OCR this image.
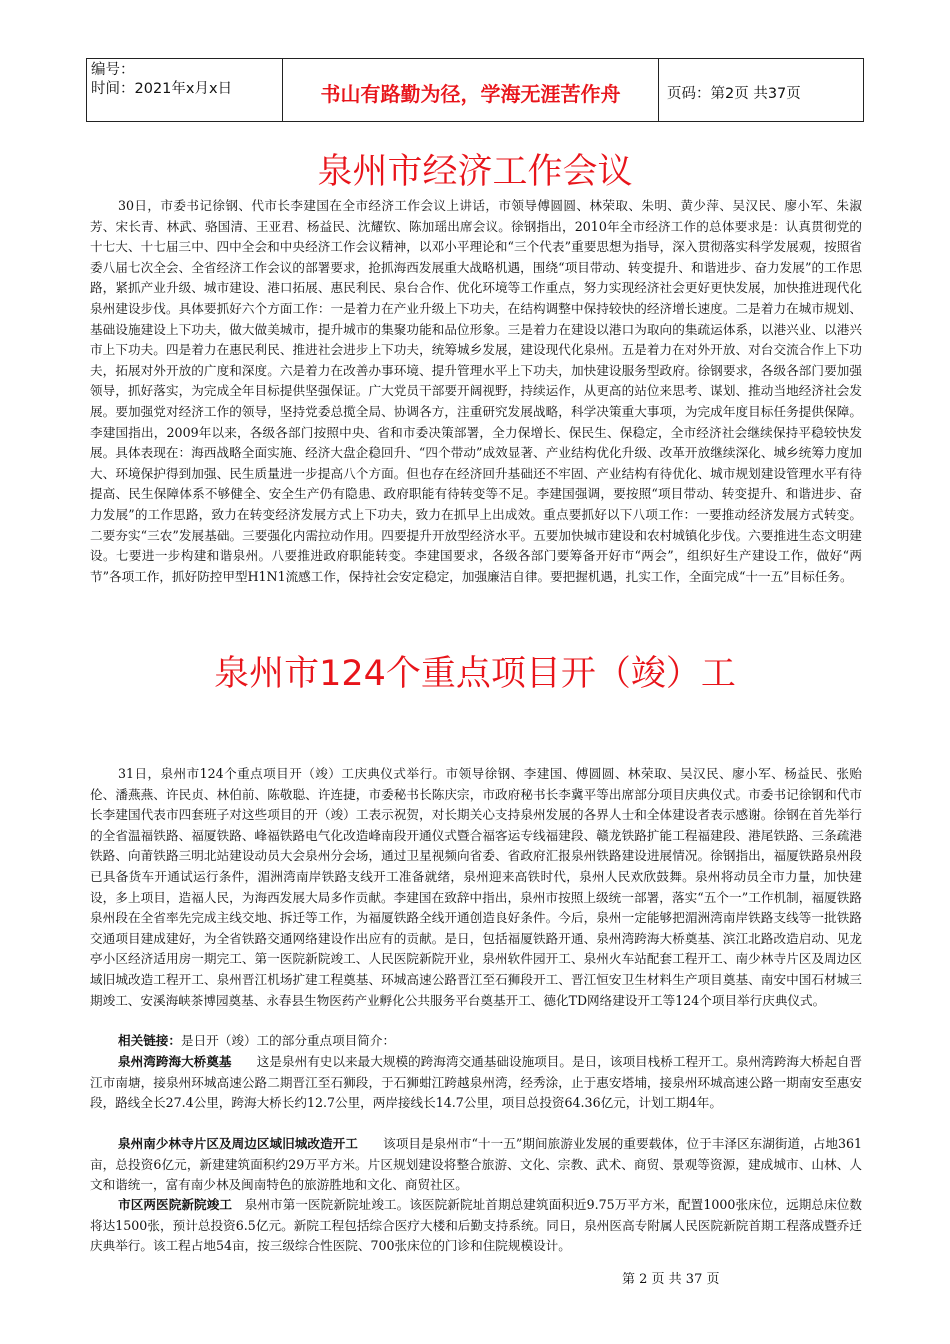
编号：
时间：2021年x月x日	书山有路勤为径，学海无涯苦作舟	页码：第2页 共37页
泉州市经济工作会议

30日，市委书记徐钢、代市长李建国在全市经济工作会议上讲话，市领导傅圆圆、林荣取、朱明、黄少萍、吴汉民、廖小军、朱淑芳、宋长青、林武、骆国清、王亚君、杨益民、沈耀钦、陈加瑶出席会议。徐钢指出，2010年全市经济工作的总体要求是：认真贯彻党的十七大、十七届三中、四中全会和中央经济工作会议精神，以邓小平理论和“三个代表”重要思想为指导，深入贯彻落实科学发展观，按照省委八届七次全会、全省经济工作会议的部署要求，抢抓海西发展重大战略机遇，围绕“项目带动、转变提升、和谐进步、奋力发展”的工作思路，紧抓产业升级、城市建设、港口拓展、惠民利民、泉台合作、优化环境等工作重点，努力实现经济社会更好更快发展，加快推进现代化泉州建设步伐。具体要抓好六个方面工作：一是着力在产业升级上下功夫，在结构调整中保持较快的经济增长速度。二是着力在城市规划、基础设施建设上下功夫，做大做美城市，提升城市的集聚功能和品位形象。三是着力在建设以港口为取向的集疏运体系，以港兴业、以港兴市上下功夫。四是着力在惠民利民、推进社会进步上下功夫，统筹城乡发展，建设现代化泉州。五是着力在对外开放、对台交流合作上下功夫，拓展对外开放的广度和深度。六是着力在改善办事环境、提升管理水平上下功夫，加快建设服务型政府。徐钢要求，各级各部门要加强领导，抓好落实，为完成全年目标提供坚强保证。广大党员干部要开阔视野，持续运作，从更高的站位来思考、谋划、推动当地经济社会发展。要加强党对经济工作的领导，坚持党委总揽全局、协调各方，注重研究发展战略，科学决策重大事项，为完成年度目标任务提供保障。李建国指出，2009年以来，各级各部门按照中央、省和市委决策部署，全力保增长、保民生、保稳定，全市经济社会继续保持平稳较快发展。具体表现在：海西战略全面实施、经济大盘企稳回升、“四个带动”成效显著、产业结构优化升级、改革开放继续深化、城乡统筹力度加大、环境保护得到加强、民生质量进一步提高八个方面。但也存在经济回升基础还不牢固、产业结构有待优化、城市规划建设管理水平有待提高、民生保障体系不够健全、安全生产仍有隐患、政府职能有待转变等不足。李建国强调，要按照“项目带动、转变提升、和谐进步、奋力发展”的工作思路，致力在转变经济发展方式上下功夫，致力在抓早上出成效。重点要抓好以下八项工作：一要推动经济发展方式转变。二要夯实“三农”发展基础。三要强化内需拉动作用。四要提升开放型经济水平。五要加快城市建设和农村城镇化步伐。六要推进生态文明建设。七要进一步构建和谐泉州。八要推进政府职能转变。李建国要求，各级各部门要筹备开好市“两会”，组织好生产建设工作，做好“两节”各项工作，抓好防控甲型H1N1流感工作，保持社会安定稳定，加强廉洁自律。要把握机遇，扎实工作，全面完成“十一五”目标任务。

泉州市124个重点项目开（竣）工

31日，泉州市124个重点项目开（竣）工庆典仪式举行。市领导徐钢、李建国、傅圆圆、林荣取、吴汉民、廖小军、杨益民、张贻伦、潘燕燕、许民贞、林伯前、陈敬聪、许连捷，市委秘书长陈庆宗，市政府秘书长李冀平等出席部分项目庆典仪式。市委书记徐钢和代市长李建国代表市四套班子对这些项目的开（竣）工表示祝贺，对长期关心支持泉州发展的各界人士和全体建设者表示感谢。徐钢在首先举行的全省温福铁路、福厦铁路、峰福铁路电气化改造峰南段开通仪式暨合福客运专线福建段、赣龙铁路扩能工程福建段、港尾铁路、三条疏港铁路、向莆铁路三明北站建设动员大会泉州分会场，通过卫星视频向省委、省政府汇报泉州铁路建设进展情况。徐钢指出，福厦铁路泉州段已具备货车开通试运行条件，湄洲湾南岸铁路支线开工准备就绪，泉州迎来高铁时代，泉州人民欢欣鼓舞。泉州将动员全市力量，加快建设，多上项目，造福人民，为海西发展大局多作贡献。李建国在致辞中指出，泉州市按照上级统一部署，落实“五个一”工作机制，福厦铁路泉州段在全省率先完成主线交地、拆迁等工作，为福厦铁路全线开通创造良好条件。今后，泉州一定能够把湄洲湾南岸铁路支线等一批铁路交通项目建成建好，为全省铁路交通网络建设作出应有的贡献。是日，包括福厦铁路开通、泉州湾跨海大桥奠基、滨江北路改造启动、见龙亭小区经济适用房一期完工、第一医院新院竣工、人民医院新院开业，泉州软件园开工、泉州火车站配套工程开工、南少林寺片区及周边区域旧城改造工程开工、泉州晋江机场扩建工程奠基、环城高速公路晋江至石狮段开工、晋江恒安卫生材料生产项目奠基、南安中国石材城三期竣工、安溪海峡茶博园奠基、永春县生物医药产业孵化公共服务平台奠基开工、德化TD网络建设开工等124个项目举行庆典仪式。

相关链接：是日开（竣）工的部分重点项目简介：

泉州湾跨海大桥奠基　　 这是泉州有史以来最大规模的跨海湾交通基础设施项目。是日，该项目栈桥工程开工。泉州湾跨海大桥起自晋江市南塘，接泉州环城高速公路二期晋江至石狮段，于石狮蚶江跨越泉州湾，经秀涂，止于惠安塔埔，接泉州环城高速公路一期南安至惠安段，路线全长27.4公里，跨海大桥长约12.7公里，两岸接线长14.7公里，项目总投资64.36亿元，计划工期4年。

泉州南少林寺片区及周边区域旧城改造开工　　 该项目是泉州市“十一五”期间旅游业发展的重要载体，位于丰泽区东湖街道，占地361亩，总投资6亿元，新建建筑面积约29万平方米。片区规划建设将整合旅游、文化、宗教、武术、商贸、景观等资源，建成城市、山林、人文和谐统一，富有南少林及闽南特色的旅游胜地和文化、商贸社区。

市区两医院新院竣工　 泉州市第一医院新院址竣工。该医院新院址首期总建筑面积近9.75万平方米，配置1000张床位，远期总床位数将达1500张，预计总投资6.5亿元。新院工程包括综合医疗大楼和后勤支持系统。同日，泉州医高专附属人民医院新院首期工程落成暨乔迁庆典举行。该工程占地54亩，按三级综合性医院、700张床位的门诊和住院规模设计。

第 2 页 共 37 页
